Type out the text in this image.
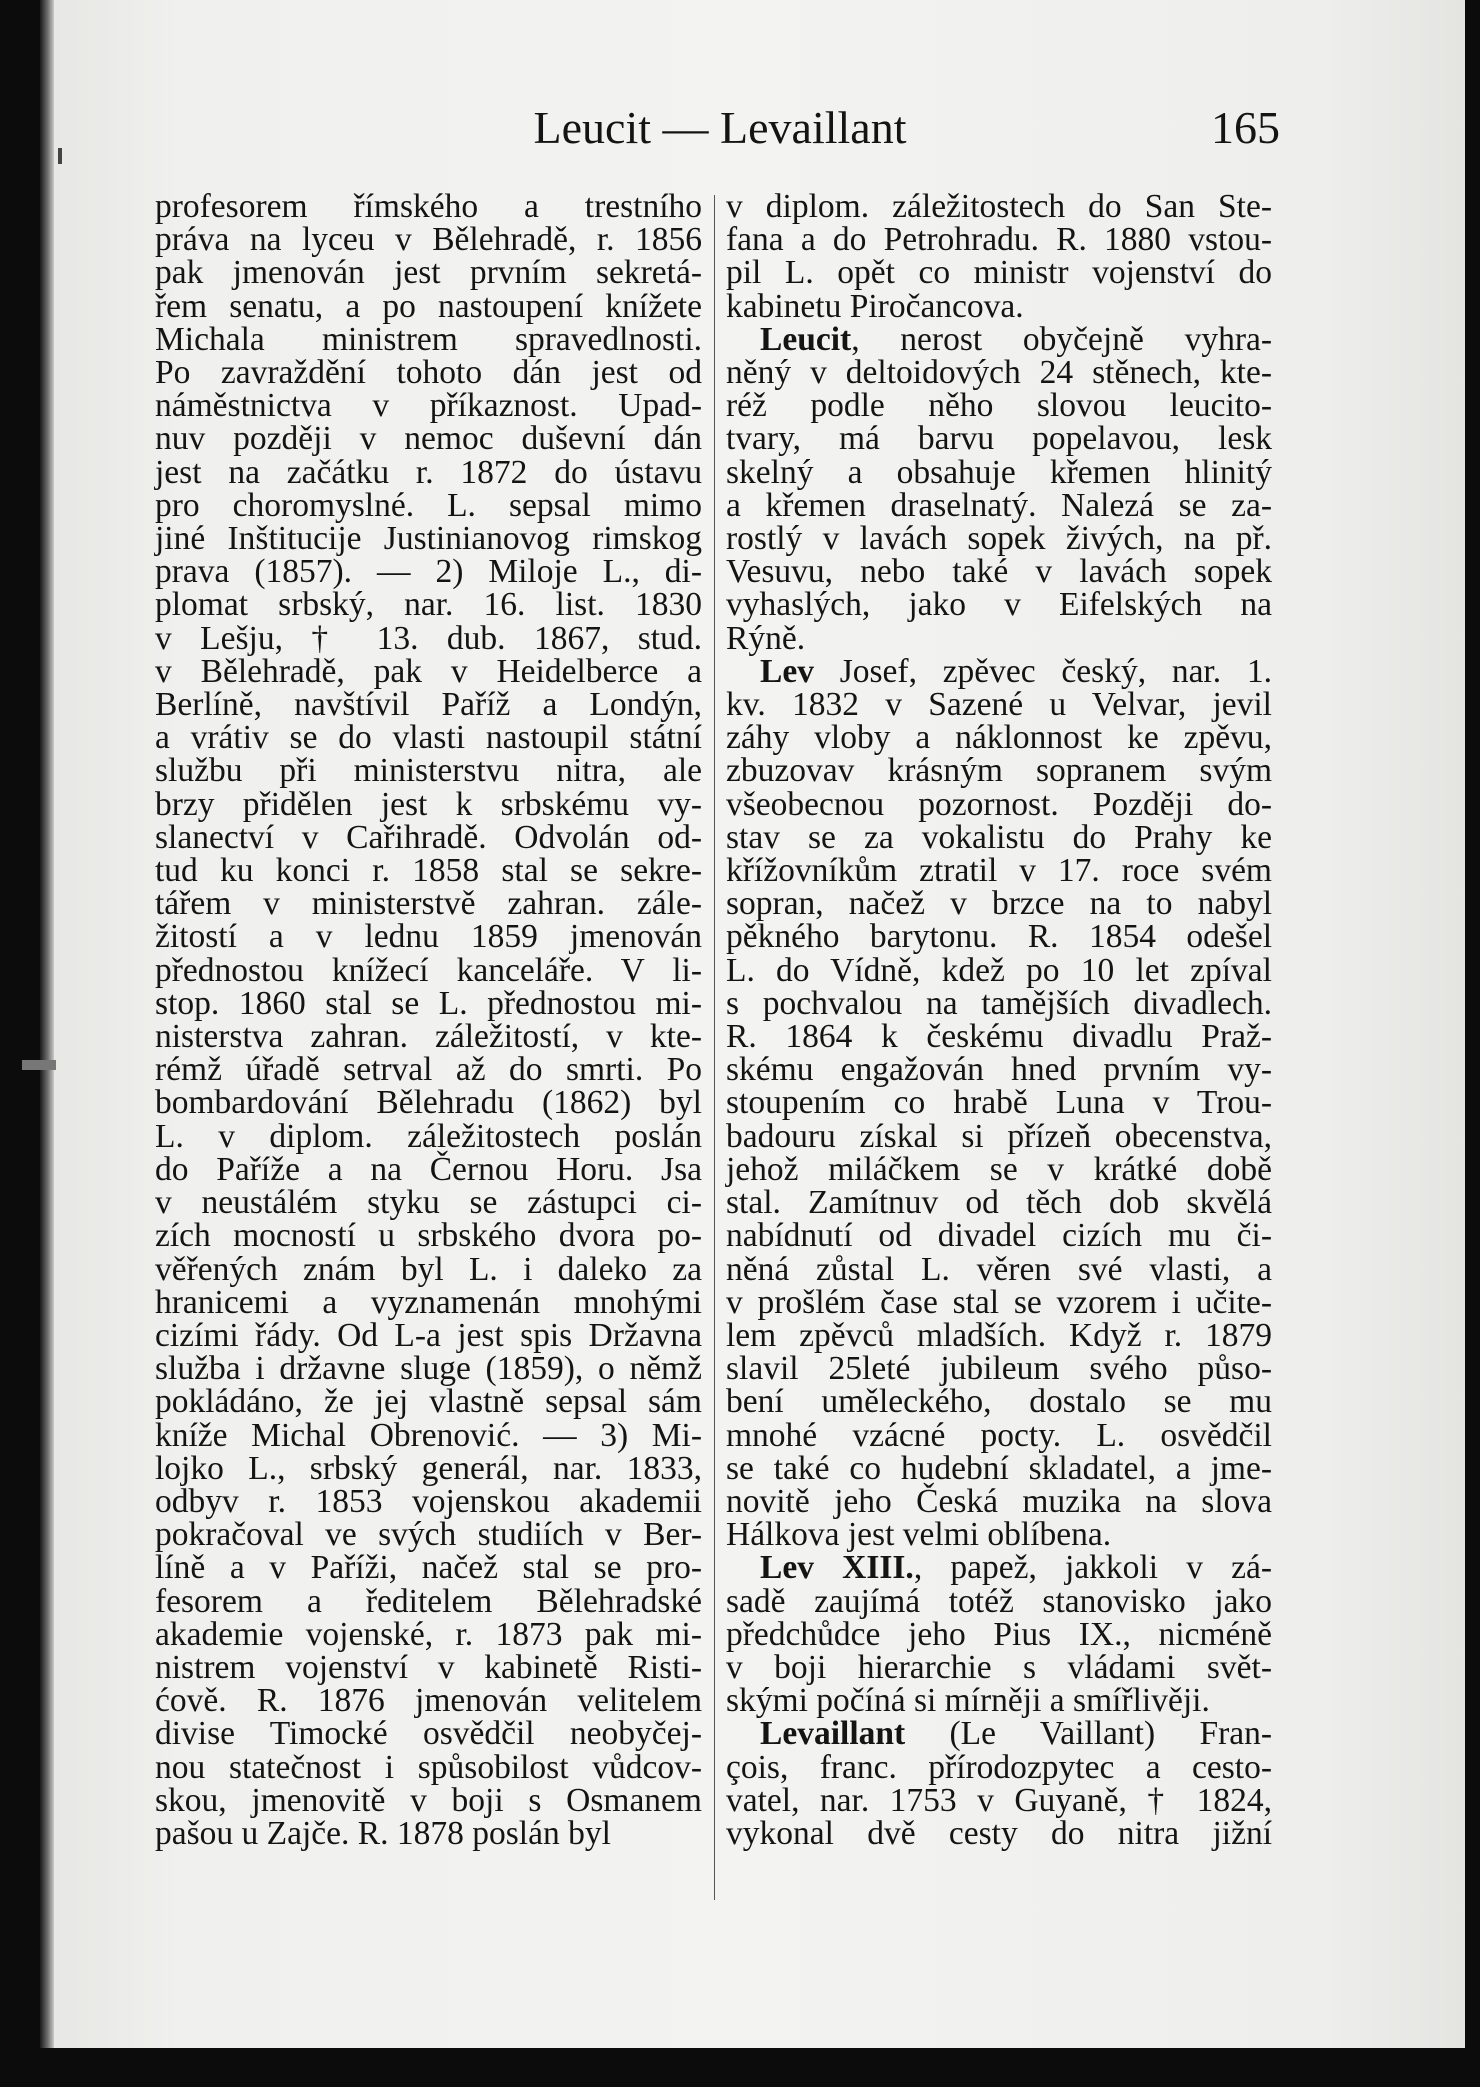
Leucit — Levaillant	165
profesorem římského a trestního
práva na lyceu v Bělehradě, r. 1856
pak jmenován jest prvním sekretá-
řem senatu, a po nastoupení knížete
Michala ministrem spravedlnosti.
Po zavraždění tohoto dán jest od
náměstnictva v příkaznost. Upad-
nuv později v nemoc duševní dán
jest na začátku r. 1872 do ústavu
pro choromyslné. L. sepsal mimo
jiné Inštitucije Justinianovog rimskog
prava (1857). — 2) Miloje L., di-
plomat srbský, nar. 16. list. 1830
v Lešju, † 13. dub. 1867, stud.
v Bělehradě, pak v Heidelberce a
Berlíně, navštívil Paříž a Londýn,
a vrátiv se do vlasti nastoupil státní
službu při ministerstvu nitra, ale
brzy přidělen jest k srbskému vy-
slanectví v Cařihradě. Odvolán od-
tud ku konci r. 1858 stal se sekre-
tářem v ministerstvě zahran. zále-
žitostí a v lednu 1859 jmenován
přednostou knížecí kanceláře. V li-
stop. 1860 stal se L. přednostou mi-
nisterstva zahran. záležitostí, v kte-
rémž úřadě setrval až do smrti. Po
bombardování Bělehradu (1862) byl
L. v diplom. záležitostech poslán
do Paříže a na Černou Horu. Jsa
v neustálém styku se zástupci ci-
zích mocností u srbského dvora po-
věřených znám byl L. i daleko za
hranicemi a vyznamenán mnohými
cizími řády. Od L-a jest spis Državna
služba i državne sluge (1859), o němž
pokládáno, že jej vlastně sepsal sám
kníže Michal Obrenović. — 3) Mi-
lojko L., srbský generál, nar. 1833,
odbyv r. 1853 vojenskou akademii
pokračoval ve svých studiích v Ber-
líně a v Paříži, načež stal se pro-
fesorem a ředitelem Bělehradské
akademie vojenské, r. 1873 pak mi-
nistrem vojenství v kabinetě Risti-
ćově. R. 1876 jmenován velitelem
divise Timocké osvědčil neobyčej-
nou statečnost i spůsobilost vůdcov-
skou, jmenovitě v boji s Osmanem
pašou u Zajče. R. 1878 poslán byl
v diplom. záležitostech do San Ste-
fana a do Petrohradu. R. 1880 vstou-
pil L. opět co ministr vojenství do
kabinetu Piročancova.
Leucit, nerost obyčejně vyhra-
něný v deltoidových 24 stěnech, kte-
réž podle něho slovou leucito-
tvary, má barvu popelavou, lesk
skelný a obsahuje křemen hlinitý
a křemen draselnatý. Nalezá se za-
rostlý v lavách sopek živých, na př.
Vesuvu, nebo také v lavách sopek
vyhaslých, jako v Eifelských na
Rýně.
Lev Josef, zpěvec český, nar. 1.
kv. 1832 v Sazené u Velvar, jevil
záhy vloby a náklonnost ke zpěvu,
zbuzovav krásným sopranem svým
všeobecnou pozornost. Později do-
stav se za vokalistu do Prahy ke
křížovníkům ztratil v 17. roce svém
sopran, načež v brzce na to nabyl
pěkného barytonu. R. 1854 odešel
L. do Vídně, kdež po 10 let zpíval
s pochvalou na tamějších divadlech.
R. 1864 k českému divadlu Praž-
skému engažován hned prvním vy-
stoupením co hrabě Luna v Trou-
badouru získal si přízeň obecenstva,
jehož miláčkem se v krátké době
stal. Zamítnuv od těch dob skvělá
nabídnutí od divadel cizích mu či-
něná zůstal L. věren své vlasti, a
v prošlém čase stal se vzorem i učite-
lem zpěvců mladších. Když r. 1879
slavil 25leté jubileum svého půso-
bení uměleckého, dostalo se mu
mnohé vzácné pocty. L. osvědčil
se také co hudební skladatel, a jme-
novitě jeho Česká muzika na slova
Hálkova jest velmi oblíbena.
Lev XIII., papež, jakkoli v zá-
sadě zaujímá totéž stanovisko jako
předchůdce jeho Pius IX., nicméně
v boji hierarchie s vládami svět-
skými počíná si mírněji a smířlivěji.
Levaillant (Le Vaillant) Fran-
çois, franc. přírodozpytec a cesto-
vatel, nar. 1753 v Guyaně, † 1824,
vykonal dvě cesty do nitra jižní
